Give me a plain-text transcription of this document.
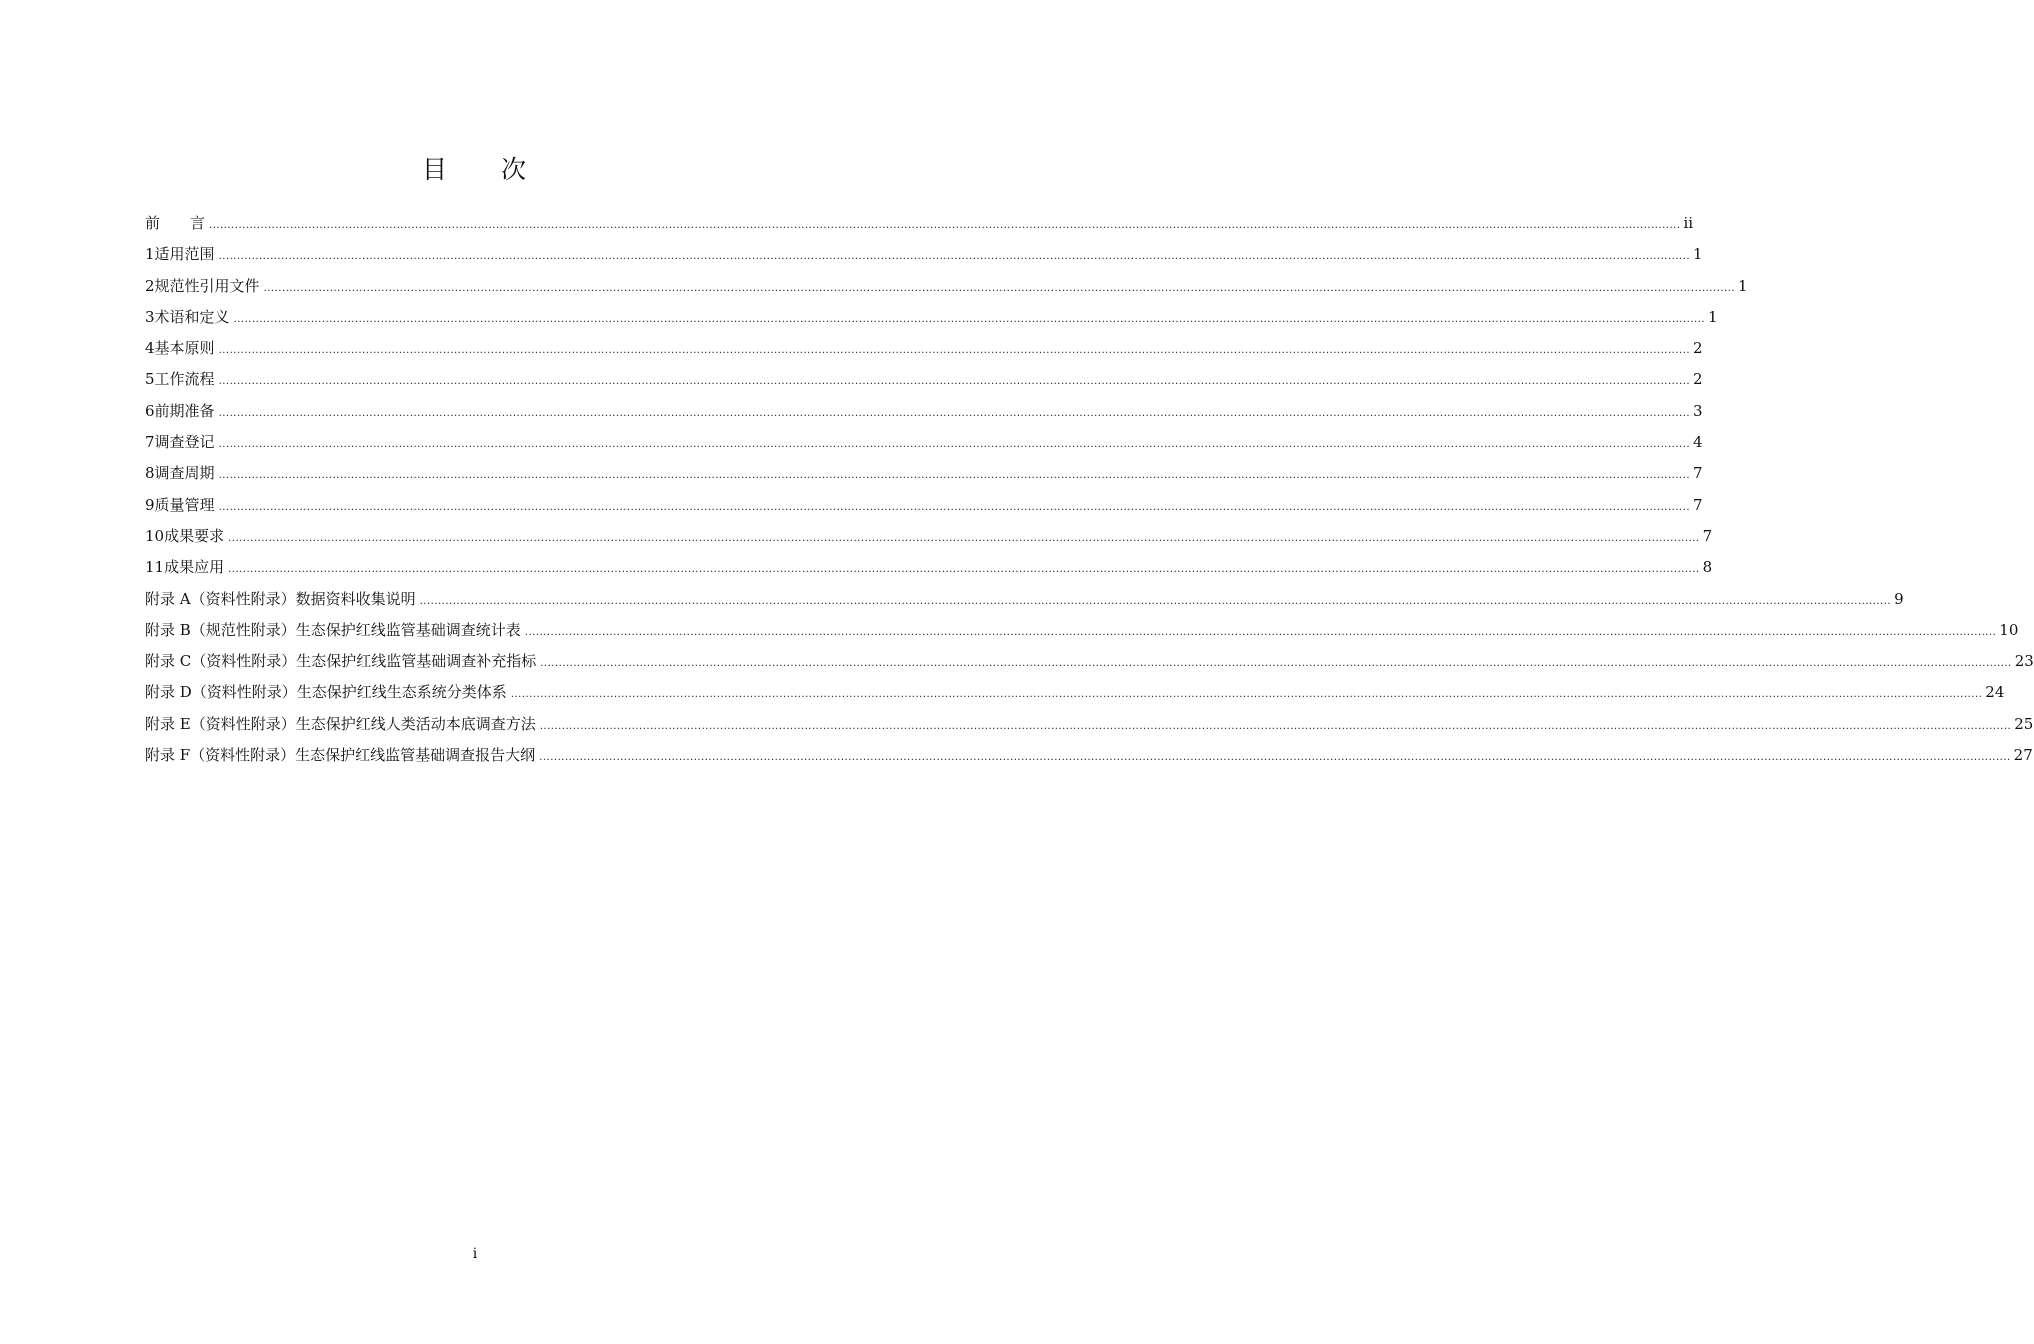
目 次
前　　言 ................................................................................................................................................................................................................................................................................................................................................................................................................ ii
1 适用范围 ................................................................................................................................................................................................................................................................................................................................................................................................................ 1
2 规范性引用文件 ................................................................................................................................................................................................................................................................................................................................................................................................................ 1
3 术语和定义 ................................................................................................................................................................................................................................................................................................................................................................................................................ 1
4 基本原则 ................................................................................................................................................................................................................................................................................................................................................................................................................ 2
5 工作流程 ................................................................................................................................................................................................................................................................................................................................................................................................................ 2
6 前期准备 ................................................................................................................................................................................................................................................................................................................................................................................................................ 3
7 调查登记 ................................................................................................................................................................................................................................................................................................................................................................................................................ 4
8 调查周期 ................................................................................................................................................................................................................................................................................................................................................................................................................ 7
9 质量管理 ................................................................................................................................................................................................................................................................................................................................................................................................................ 7
10 成果要求 ................................................................................................................................................................................................................................................................................................................................................................................................................ 7
11 成果应用 ................................................................................................................................................................................................................................................................................................................................................................................................................ 8
附录 A（资料性附录）数据资料收集说明 ................................................................................................................................................................................................................................................................................................................................................................................................................ 9
附录 B（规范性附录）生态保护红线监管基础调查统计表 ................................................................................................................................................................................................................................................................................................................................................................................................................ 10
附录 C（资料性附录）生态保护红线监管基础调查补充指标 ................................................................................................................................................................................................................................................................................................................................................................................................................ 23
附录 D（资料性附录）生态保护红线生态系统分类体系 ................................................................................................................................................................................................................................................................................................................................................................................................................ 24
附录 E（资料性附录）生态保护红线人类活动本底调查方法 ................................................................................................................................................................................................................................................................................................................................................................................................................ 25
附录 F（资料性附录）生态保护红线监管基础调查报告大纲 ................................................................................................................................................................................................................................................................................................................................................................................................................ 27
i
